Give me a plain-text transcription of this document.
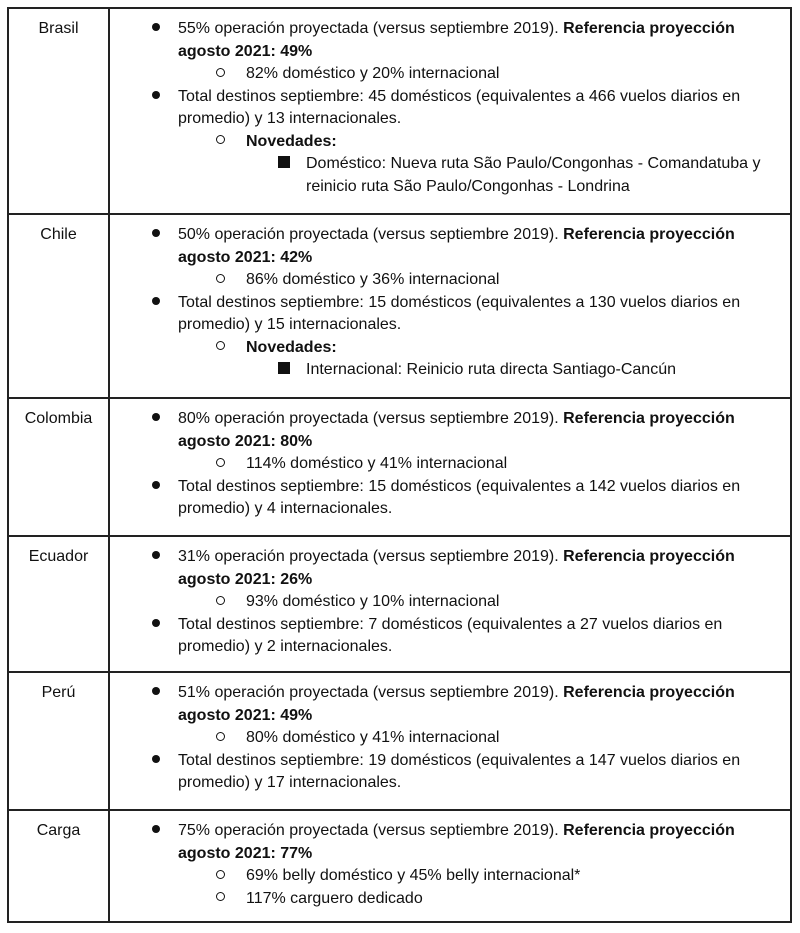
Brasil	55% operación proyectada (versus septiembre 2019). Referencia proyección agosto 2021: 49%
82% doméstico y 20% internacional
Total destinos septiembre: 45 domésticos (equivalentes a 466 vuelos diarios en promedio) y 13 internacionales.
Novedades:
Doméstico: Nueva ruta São Paulo/Congonhas - Comandatuba y reinicio ruta São Paulo/Congonhas - Londrina

Chile	50% operación proyectada (versus septiembre 2019). Referencia proyección agosto 2021: 42%
86% doméstico y 36% internacional
Total destinos septiembre: 15 domésticos (equivalentes a 130 vuelos diarios en promedio) y 15 internacionales.
Novedades:
Internacional: Reinicio ruta directa Santiago-Cancún

Colombia	80% operación proyectada (versus septiembre 2019). Referencia proyección agosto 2021: 80%
114% doméstico y 41% internacional
Total destinos septiembre: 15 domésticos (equivalentes a 142 vuelos diarios en promedio) y 4 internacionales.

Ecuador	31% operación proyectada (versus septiembre 2019). Referencia proyección agosto 2021: 26%
93% doméstico y 10% internacional
Total destinos septiembre: 7 domésticos (equivalentes a 27 vuelos diarios en promedio) y 2 internacionales.

Perú	51% operación proyectada (versus septiembre 2019). Referencia proyección agosto 2021: 49%
80% doméstico y 41% internacional
Total destinos septiembre: 19 domésticos (equivalentes a 147 vuelos diarios en promedio) y 17 internacionales.

Carga	75% operación proyectada (versus septiembre 2019). Referencia proyección agosto 2021: 77%
69% belly doméstico y 45% belly internacional*
117% carguero dedicado
